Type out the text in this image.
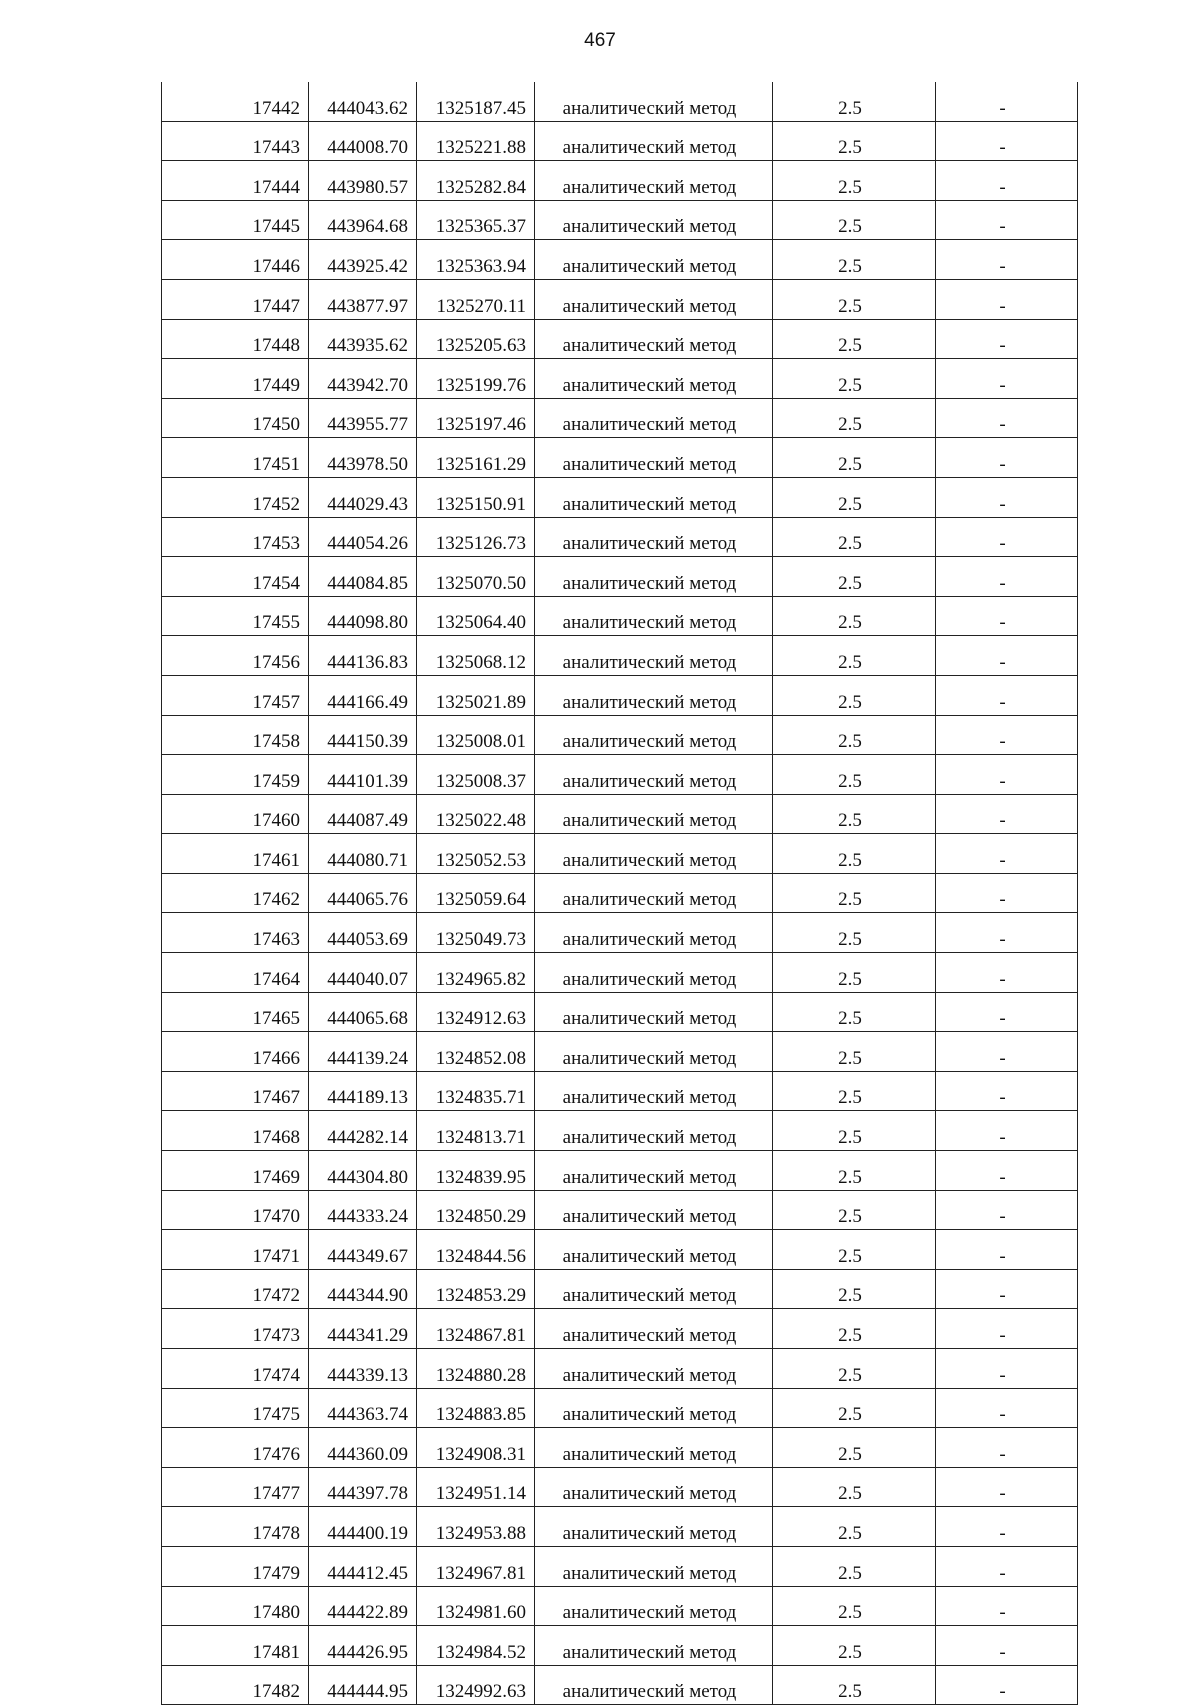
467
17442	444043.62	1325187.45	аналитический метод	2.5	-
17443	444008.70	1325221.88	аналитический метод	2.5	-
17444	443980.57	1325282.84	аналитический метод	2.5	-
17445	443964.68	1325365.37	аналитический метод	2.5	-
17446	443925.42	1325363.94	аналитический метод	2.5	-
17447	443877.97	1325270.11	аналитический метод	2.5	-
17448	443935.62	1325205.63	аналитический метод	2.5	-
17449	443942.70	1325199.76	аналитический метод	2.5	-
17450	443955.77	1325197.46	аналитический метод	2.5	-
17451	443978.50	1325161.29	аналитический метод	2.5	-
17452	444029.43	1325150.91	аналитический метод	2.5	-
17453	444054.26	1325126.73	аналитический метод	2.5	-
17454	444084.85	1325070.50	аналитический метод	2.5	-
17455	444098.80	1325064.40	аналитический метод	2.5	-
17456	444136.83	1325068.12	аналитический метод	2.5	-
17457	444166.49	1325021.89	аналитический метод	2.5	-
17458	444150.39	1325008.01	аналитический метод	2.5	-
17459	444101.39	1325008.37	аналитический метод	2.5	-
17460	444087.49	1325022.48	аналитический метод	2.5	-
17461	444080.71	1325052.53	аналитический метод	2.5	-
17462	444065.76	1325059.64	аналитический метод	2.5	-
17463	444053.69	1325049.73	аналитический метод	2.5	-
17464	444040.07	1324965.82	аналитический метод	2.5	-
17465	444065.68	1324912.63	аналитический метод	2.5	-
17466	444139.24	1324852.08	аналитический метод	2.5	-
17467	444189.13	1324835.71	аналитический метод	2.5	-
17468	444282.14	1324813.71	аналитический метод	2.5	-
17469	444304.80	1324839.95	аналитический метод	2.5	-
17470	444333.24	1324850.29	аналитический метод	2.5	-
17471	444349.67	1324844.56	аналитический метод	2.5	-
17472	444344.90	1324853.29	аналитический метод	2.5	-
17473	444341.29	1324867.81	аналитический метод	2.5	-
17474	444339.13	1324880.28	аналитический метод	2.5	-
17475	444363.74	1324883.85	аналитический метод	2.5	-
17476	444360.09	1324908.31	аналитический метод	2.5	-
17477	444397.78	1324951.14	аналитический метод	2.5	-
17478	444400.19	1324953.88	аналитический метод	2.5	-
17479	444412.45	1324967.81	аналитический метод	2.5	-
17480	444422.89	1324981.60	аналитический метод	2.5	-
17481	444426.95	1324984.52	аналитический метод	2.5	-
17482	444444.95	1324992.63	аналитический метод	2.5	-
